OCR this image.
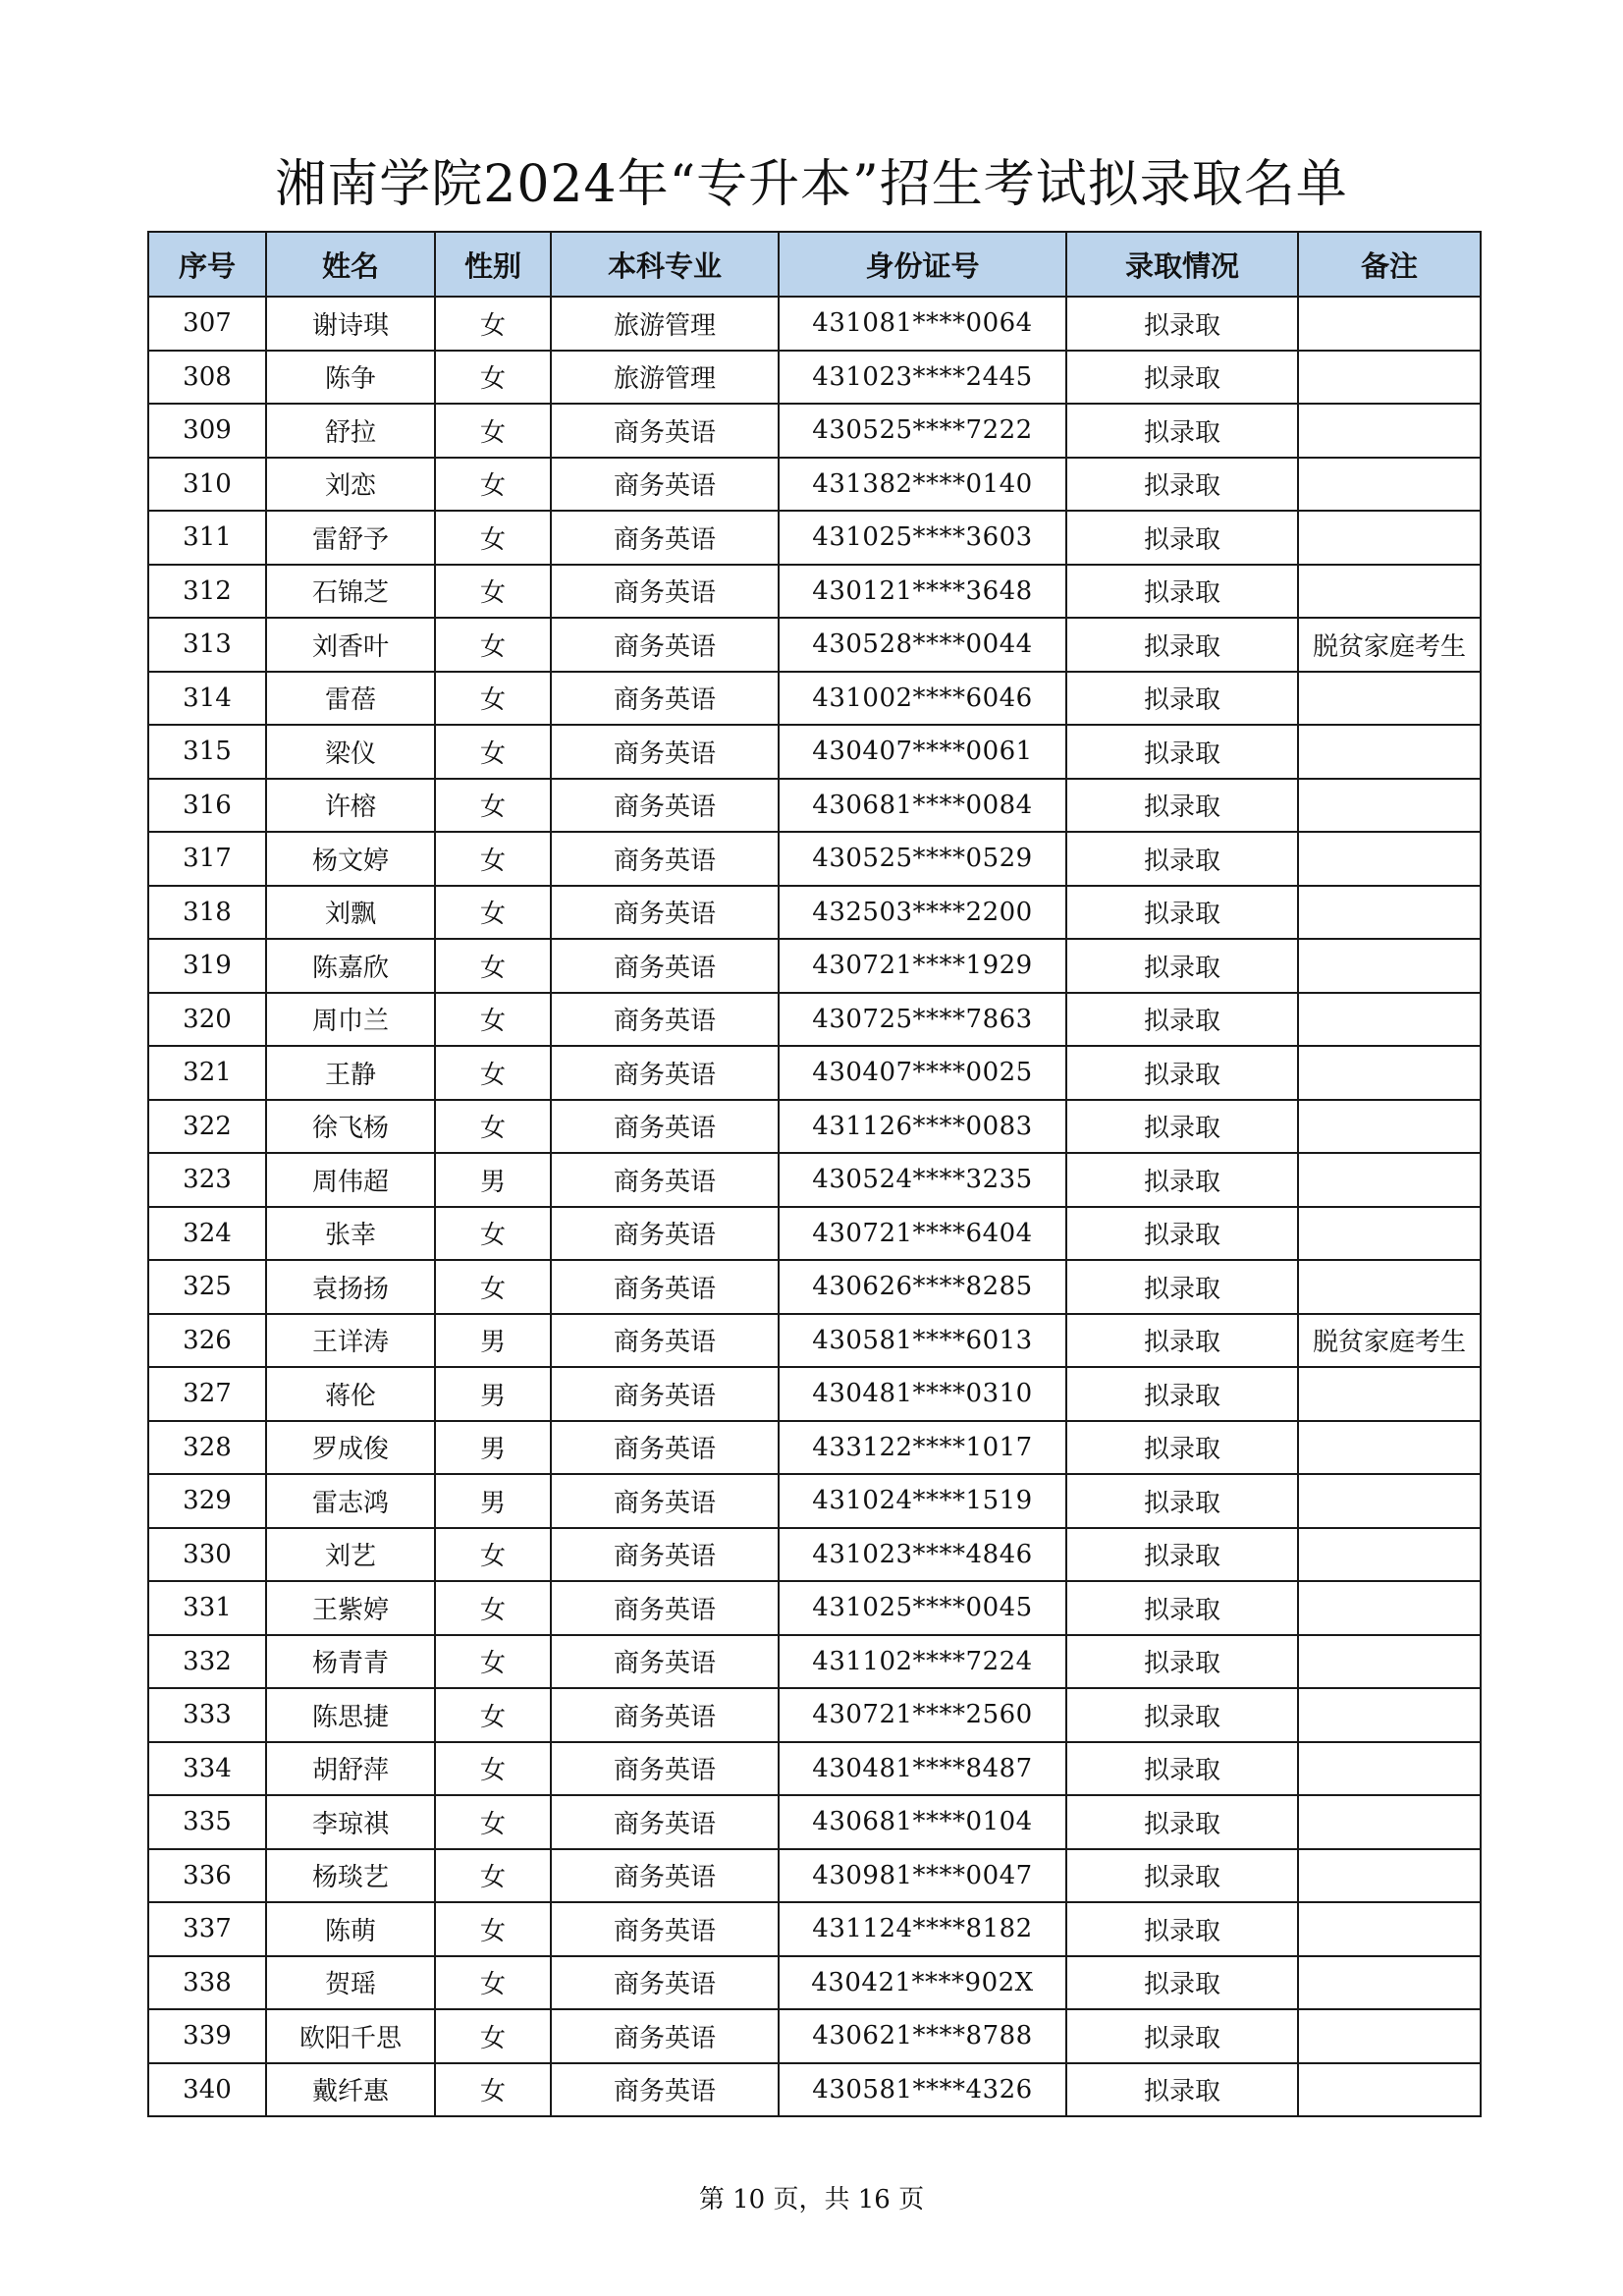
湘南学院2024年“专升本”招生考试拟录取名单
序号	姓名	性别	本科专业	身份证号	录取情况	备注
307	谢诗琪	女	旅游管理	431081****0064	拟录取	
308	陈争	女	旅游管理	431023****2445	拟录取	
309	舒拉	女	商务英语	430525****7222	拟录取	
310	刘恋	女	商务英语	431382****0140	拟录取	
311	雷舒予	女	商务英语	431025****3603	拟录取	
312	石锦芝	女	商务英语	430121****3648	拟录取	
313	刘香叶	女	商务英语	430528****0044	拟录取	脱贫家庭考生
314	雷蓓	女	商务英语	431002****6046	拟录取	
315	梁仪	女	商务英语	430407****0061	拟录取	
316	许榕	女	商务英语	430681****0084	拟录取	
317	杨文婷	女	商务英语	430525****0529	拟录取	
318	刘飘	女	商务英语	432503****2200	拟录取	
319	陈嘉欣	女	商务英语	430721****1929	拟录取	
320	周巾兰	女	商务英语	430725****7863	拟录取	
321	王静	女	商务英语	430407****0025	拟录取	
322	徐飞杨	女	商务英语	431126****0083	拟录取	
323	周伟超	男	商务英语	430524****3235	拟录取	
324	张幸	女	商务英语	430721****6404	拟录取	
325	袁扬扬	女	商务英语	430626****8285	拟录取	
326	王详涛	男	商务英语	430581****6013	拟录取	脱贫家庭考生
327	蒋伦	男	商务英语	430481****0310	拟录取	
328	罗成俊	男	商务英语	433122****1017	拟录取	
329	雷志鸿	男	商务英语	431024****1519	拟录取	
330	刘艺	女	商务英语	431023****4846	拟录取	
331	王紫婷	女	商务英语	431025****0045	拟录取	
332	杨青青	女	商务英语	431102****7224	拟录取	
333	陈思捷	女	商务英语	430721****2560	拟录取	
334	胡舒萍	女	商务英语	430481****8487	拟录取	
335	李琼祺	女	商务英语	430681****0104	拟录取	
336	杨琰艺	女	商务英语	430981****0047	拟录取	
337	陈萌	女	商务英语	431124****8182	拟录取	
338	贺瑶	女	商务英语	430421****902X	拟录取	
339	欧阳千思	女	商务英语	430621****8788	拟录取	
340	戴纤惠	女	商务英语	430581****4326	拟录取	
第 10 页，共 16 页
